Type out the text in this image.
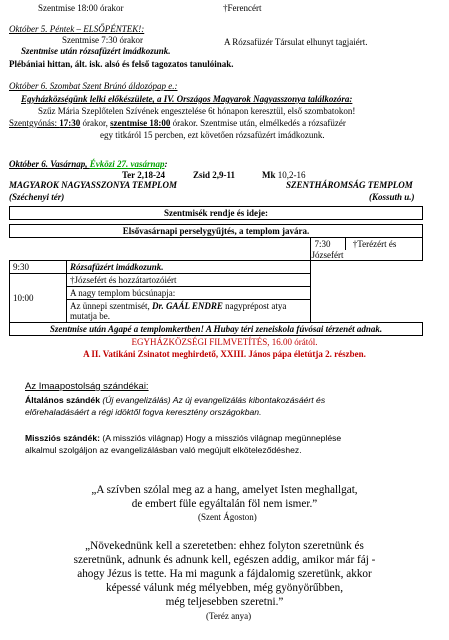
Szentmise 18:00 órakor	†Ferencért
Október 5. Péntek – ELSŐPÉNTEK!:
Szentmise 7:30 órakor	A Rózsafüzér Társulat elhunyt tagjaiért.
Szentmise után rózsafüzért imádkozunk.
Plébániai hittan, ált. isk. alsó és felső tagozatos tanulóinak.
Október 6. Szombat Szent Brúnó áldozópap e.:
Egyházközségünk lelki előkészülete, a IV. Országos Magyarok Nagyasszonya találkozóra:
Szűz Mária Szeplőtelen Szívének engesztelése 6t hónapon keresztül, első szombatokon!
Szentgyónás: 17:30 órakor, szentmise 18:00 órakor. Szentmise után, elmélkedés a rózsafüzér
egy titkáról 15 percben, ezt követően rózsafüzért imádkozunk.
Október 6. Vasárnap, Évközi 27. vasárnap:
Ter 2,18-24	Zsid 2,9-11	Mk 10,2-16
MAGYAROK NAGYASSZONYA TEMPLOM	SZENTHÁROMSÁG TEMPLOM
(Széchenyi tér)	(Kossuth u.)
Szentmisék rendje és ideje:		

Elsővasárnapi perselygyűjtés, a templom javára.		
		7:30 †Terézért és Józsefért
9:30	Rózsafüzért imádkozunk.	
10:00	†Józsefért és hozzátartozóiért	
	A nagy templom búcsúnapja:	
	Az ünnepi szentmisét, Dr. GAÁL ENDRE nagyprépost atya mutatja be.	
Szentmise után Agapé a templomkertben! A Hubay téri zeneiskola fúvósai térzenét adnak.		
EGYHÁZKÖZSÉGI FILMVETÍTÉS, 16.00 órától.
A II. Vatikáni Zsinatot meghirdető, XXIII. János pápa életútja 2. részben.
Az Imaapostolság szándékai:
Általános szándék (Új evangelizálás) Az új evangelizálás kibontakozásáért és
előrehaladásáért a régi idöktől fogva keresztény országokban.
Missziós szándék: (A missziós világnap) Hogy a missziós világnap megünneplése
alkalmul szolgáljon az evangelizálásban való megújult elköteleződéshez.
„A szívben szólal meg az a hang, amelyet Isten meghallgat,
de embert füle egyáltalán föl nem ismer.”
(Szent Ágoston)
„Növekednünk kell a szeretetben: ehhez folyton szeretnünk és
szeretnünk, adnunk és adnunk kell, egészen addig, amikor már fáj -
ahogy Jézus is tette. Ha mi magunk a fájdalomig szeretünk, akkor
képessé válunk még mélyebben, még gyönyörűbben,
még teljesebben szeretni.”
(Teréz anya)
